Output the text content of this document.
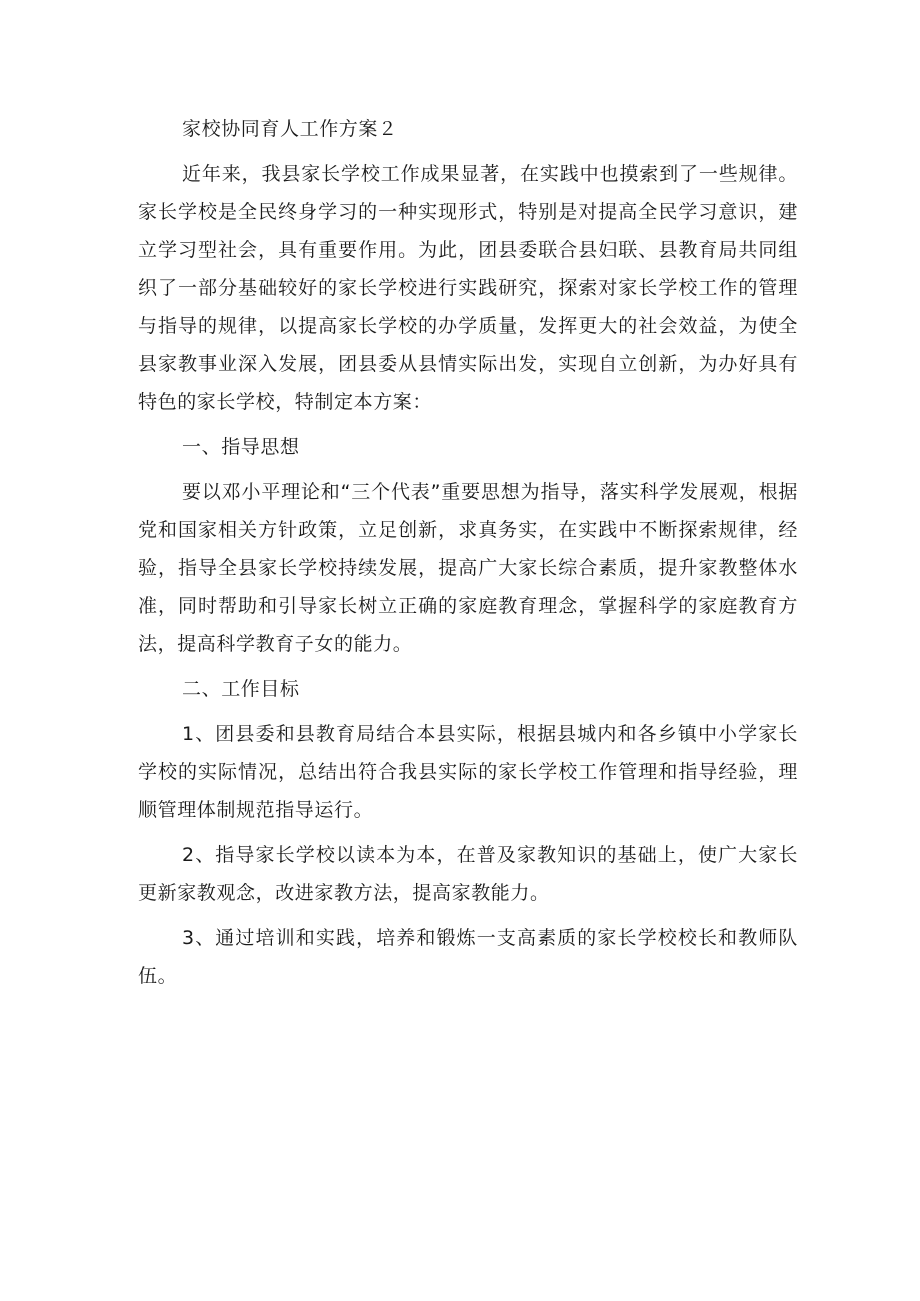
家校协同育人工作方案２

近年来，我县家长学校工作成果显著，在实践中也摸索到了一些规律。家长学校是全民终身学习的一种实现形式，特别是对提高全民学习意识，建立学习型社会，具有重要作用。为此，团县委联合县妇联、县教育局共同组织了一部分基础较好的家长学校进行实践研究，探索对家长学校工作的管理与指导的规律，以提高家长学校的办学质量，发挥更大的社会效益，为使全县家教事业深入发展，团县委从县情实际出发，实现自立创新，为办好具有特色的家长学校，特制定本方案：

一、指导思想

要以邓小平理论和“三个代表”重要思想为指导，落实科学发展观，根据党和国家相关方针政策，立足创新，求真务实，在实践中不断探索规律，经验，指导全县家长学校持续发展，提高广大家长综合素质，提升家教整体水准，同时帮助和引导家长树立正确的家庭教育理念，掌握科学的家庭教育方法，提高科学教育子女的能力。

二、工作目标

1、团县委和县教育局结合本县实际，根据县城内和各乡镇中小学家长学校的实际情况，总结出符合我县实际的家长学校工作管理和指导经验，理顺管理体制规范指导运行。

2、指导家长学校以读本为本，在普及家教知识的基础上，使广大家长更新家教观念，改进家教方法，提高家教能力。

3、通过培训和实践，培养和锻炼一支高素质的家长学校校长和教师队伍。
